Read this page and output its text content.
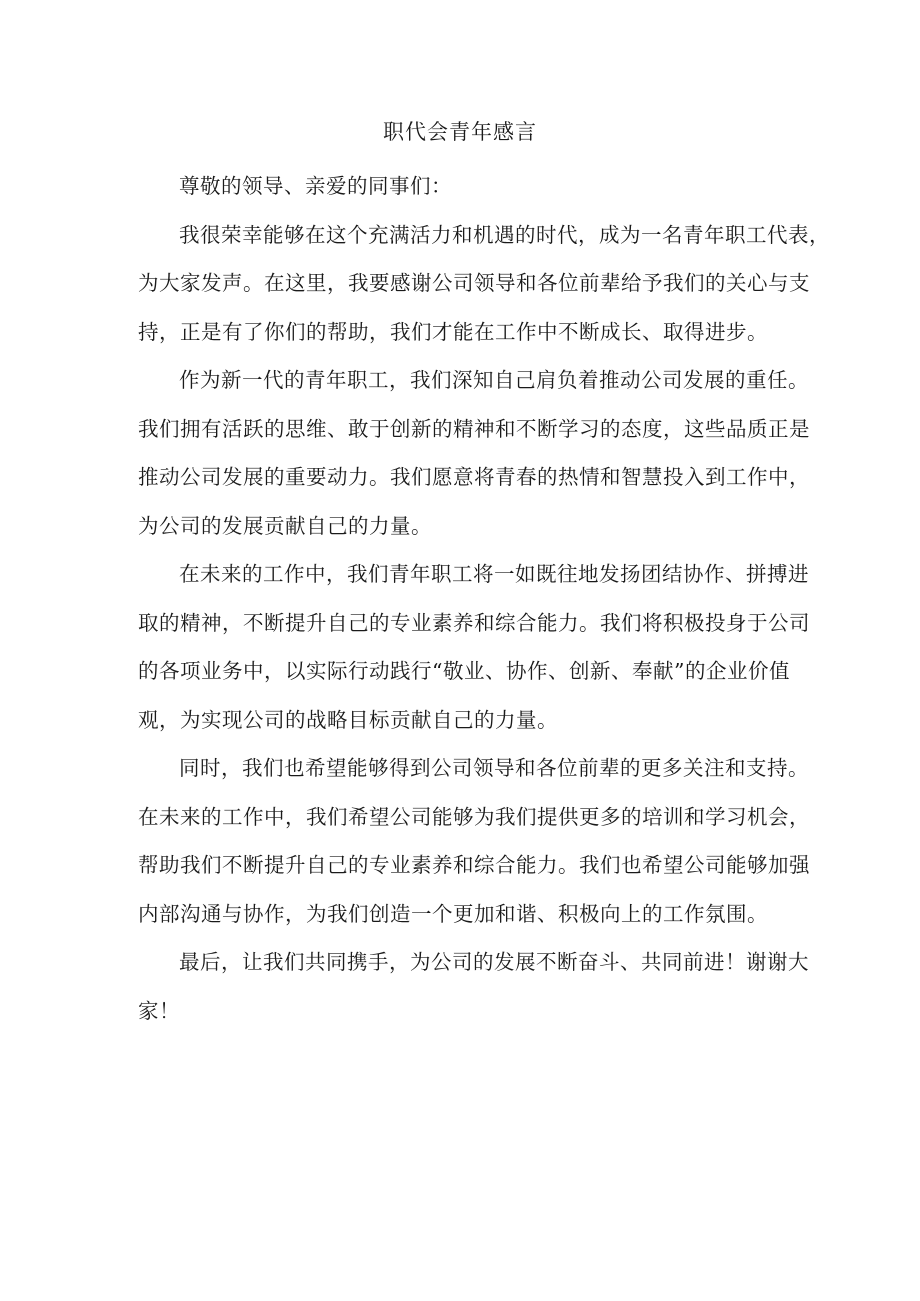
职代会青年感言
尊敬的领导、亲爱的同事们：
我很荣幸能够在这个充满活力和机遇的时代，成为一名青年职工代表，
为大家发声。在这里，我要感谢公司领导和各位前辈给予我们的关心与支
持，正是有了你们的帮助，我们才能在工作中不断成长、取得进步。
作为新一代的青年职工，我们深知自己肩负着推动公司发展的重任。
我们拥有活跃的思维、敢于创新的精神和不断学习的态度，这些品质正是
推动公司发展的重要动力。我们愿意将青春的热情和智慧投入到工作中，
为公司的发展贡献自己的力量。
在未来的工作中，我们青年职工将一如既往地发扬团结协作、拼搏进
取的精神，不断提升自己的专业素养和综合能力。我们将积极投身于公司
的各项业务中，以实际行动践行“敬业、协作、创新、奉献”的企业价值
观，为实现公司的战略目标贡献自己的力量。
同时，我们也希望能够得到公司领导和各位前辈的更多关注和支持。
在未来的工作中，我们希望公司能够为我们提供更多的培训和学习机会，
帮助我们不断提升自己的专业素养和综合能力。我们也希望公司能够加强
内部沟通与协作，为我们创造一个更加和谐、积极向上的工作氛围。
最后，让我们共同携手，为公司的发展不断奋斗、共同前进！谢谢大
家！
